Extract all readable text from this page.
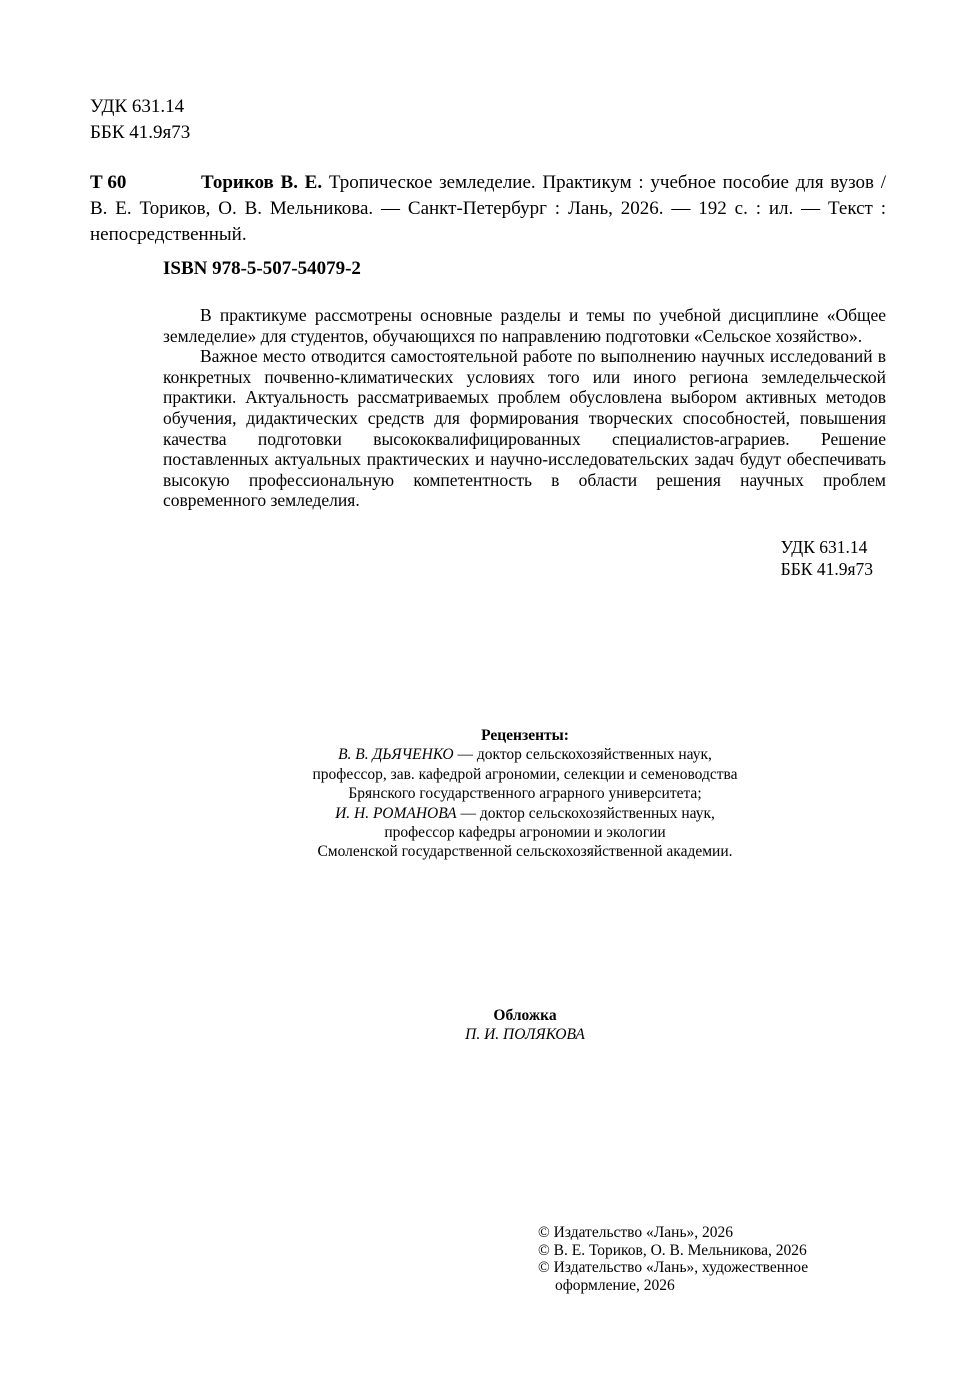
УДК 631.14
ББК 41.9я73
Т 60	Ториков В. Е. Тропическое земледелие. Практикум : учебное пособие для вузов / В. Е. Ториков, О. В. Мельникова. — Санкт-Петербург : Лань, 2026. — 192 с. : ил. — Текст : непосредственный.
ISBN 978-5-507-54079-2

В практикуме рассмотрены основные разделы и темы по учебной дисциплине «Общее земледелие» для студентов, обучающихся по направлению подготовки «Сельское хозяйство».

Важное место отводится самостоятельной работе по выполнению научных исследований в конкретных почвенно-климатических условиях того или иного региона земледельческой практики. Актуальность рассматриваемых проблем обусловлена выбором активных методов обучения, дидактических средств для формирования творческих способностей, повышения качества подготовки высококвалифицированных специалистов-аграриев. Решение поставленных актуальных практических и научно-исследовательских задач будут обеспечивать высокую профессиональную компетентность в области решения научных проблем современного земледелия.

УДК 631.14
ББК 41.9я73
Рецензенты:
В. В. ДЬЯЧЕНКО — доктор сельскохозяйственных наук,
профессор, зав. кафедрой агрономии, селекции и семеноводства
Брянского государственного аграрного университета;
И. Н. РОМАНОВА — доктор сельскохозяйственных наук,
профессор кафедры агрономии и экологии
Смоленской государственной сельскохозяйственной академии.
Обложка
П. И. ПОЛЯКОВА
© Издательство «Лань», 2026
© В. Е. Ториков, О. В. Мельникова, 2026
© Издательство «Лань», художественное
оформление, 2026
